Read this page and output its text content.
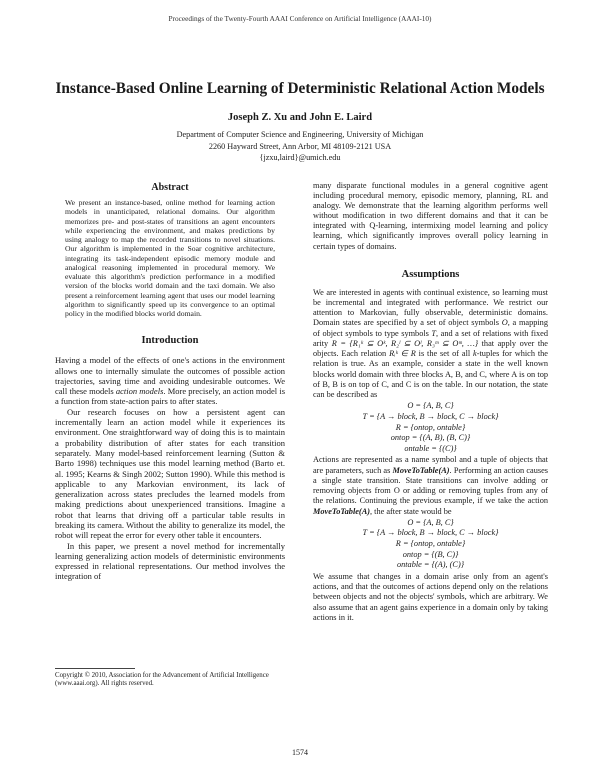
Proceedings of the Twenty-Fourth AAAI Conference on Artificial Intelligence (AAAI-10)
Instance-Based Online Learning of Deterministic Relational Action Models
Joseph Z. Xu and John E. Laird
Department of Computer Science and Engineering, University of Michigan
2260 Hayward Street, Ann Arbor, MI 48109-2121 USA
{jzxu,laird}@umich.edu

Abstract

We present an instance-based, online method for learning action models in unanticipated, relational domains. Our algorithm memorizes pre- and post-states of transitions an agent encounters while experiencing the environment, and makes predictions by using analogy to map the recorded transitions to novel situations. Our algorithm is implemented in the Soar cognitive architecture, integrating its task-independent episodic memory module and analogical reasoning implemented in procedural memory. We evaluate this algorithm's prediction performance in a modified version of the blocks world domain and the taxi domain. We also present a reinforcement learning agent that uses our model learning algorithm to significantly speed up its convergence to an optimal policy in the modified blocks world domain.

Introduction

Having a model of the effects of one's actions in the environment allows one to internally simulate the outcomes of possible action trajectories, saving time and avoiding undesirable outcomes. We call these models action models. More precisely, an action model is a function from state-action pairs to after states.

Our research focuses on how a persistent agent can incrementally learn an action model while it experiences its environment. One straightforward way of doing this is to maintain a probability distribution of after states for each transition separately. Many model-based reinforcement learning (Sutton & Barto 1998) techniques use this model learning method (Barto et. al. 1995; Kearns & Singh 2002; Sutton 1990). While this method is applicable to any Markovian environment, its lack of generalization across states precludes the learned models from making predictions about unexperienced transitions. Imagine a robot that learns that driving off a particular table results in breaking its camera. Without the ability to generalize its model, the robot will repeat the error for every other table it encounters.

In this paper, we present a novel method for incrementally learning generalizing action models of deterministic environments expressed in relational representations. Our method involves the integration of

many disparate functional modules in a general cognitive agent including procedural memory, episodic memory, planning, RL and analogy. We demonstrate that the learning algorithm performs well without modification in two different domains and that it can be integrated with Q-learning, intermixing model learning and policy learning, which significantly improves overall policy learning in certain types of domains.

Assumptions

We are interested in agents with continual existence, so learning must be incremental and integrated with performance. We restrict our attention to Markovian, fully observable, deterministic domains. Domain states are specified by a set of object symbols O, a mapping of object symbols to type symbols T, and a set of relations with fixed arity R = {R₁ᵏ ⊆ Oᵏ, R₂ˡ ⊆ Oˡ, R₃ᵐ ⊆ Oᵐ, …} that apply over the objects. Each relation Rᵢᵏ ∈ R is the set of all k-tuples for which the relation is true. As an example, consider a state in the well known blocks world domain with three blocks A, B, and C, where A is on top of B, B is on top of C, and C is on the table. In our notation, the state can be described as

O = {A, B, C}
T = {A → block, B → block, C → block}
R = {ontop, ontable}
ontop = {(A, B), (B, C)}
ontable = {(C)}

Actions are represented as a name symbol and a tuple of objects that are parameters, such as MoveToTable(A). Performing an action causes a single state transition. State transitions can involve adding or removing objects from O or adding or removing tuples from any of the relations. Continuing the previous example, if we take the action MoveToTable(A), the after state would be

O = {A, B, C}
T = {A → block, B → block, C → block}
R = {ontop, ontable}
ontop = {(B, C)}
ontable = {(A), (C)}

We assume that changes in a domain arise only from an agent's actions, and that the outcomes of actions depend only on the relations between objects and not the objects' symbols, which are arbitrary. We also assume that an agent gains experience in a domain only by taking actions in it.

Copyright © 2010, Association for the Advancement of Artificial Intelligence (www.aaai.org). All rights reserved.
1574
